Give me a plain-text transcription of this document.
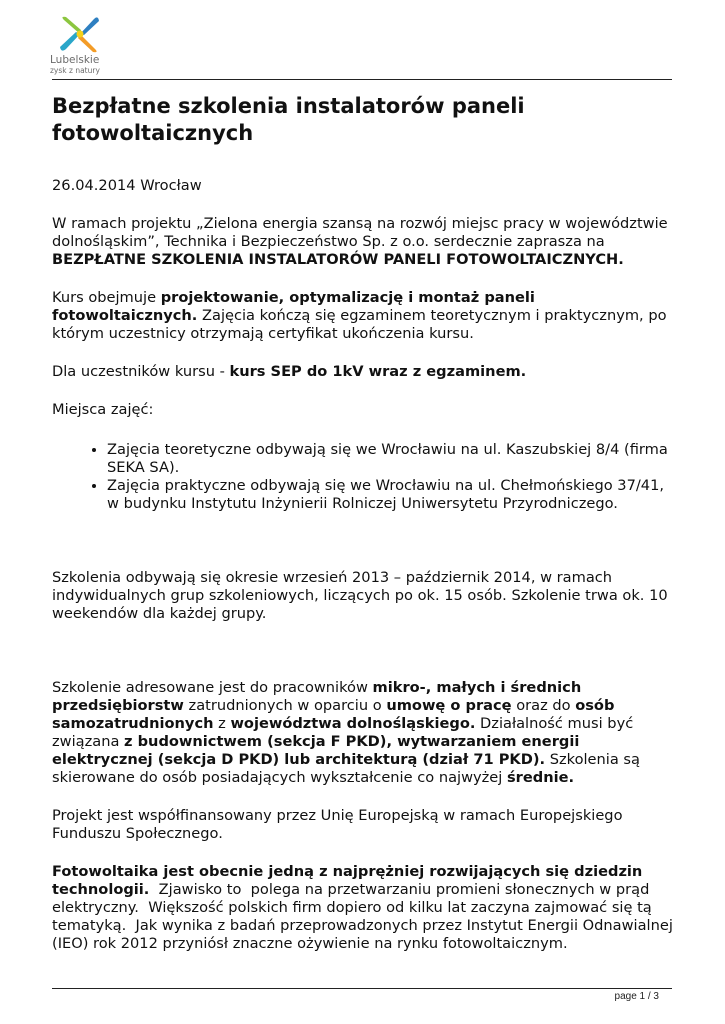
Lubelskie
zysk z natury
Bezpłatne szkolenia instalatorów paneli fotowoltaicznych

26.04.2014 Wrocław

W ramach projektu „Zielona energia szansą na rozwój miejsc pracy w województwie dolnośląskim”, Technika i Bezpieczeństwo Sp. z o.o. serdecznie zaprasza na BEZPŁATNE SZKOLENIA INSTALATORÓW PANELI FOTOWOLTAICZNYCH.

Kurs obejmuje projektowanie, optymalizację i montaż paneli fotowoltaicznych. Zajęcia kończą się egzaminem teoretycznym i praktycznym, po którym uczestnicy otrzymają certyfikat ukończenia kursu.

Dla uczestników kursu - kurs SEP do 1kV wraz z egzaminem.

Miejsca zajęć:

• Zajęcia teoretyczne odbywają się we Wrocławiu na ul. Kaszubskiej 8/4 (firma SEKA SA).
• Zajęcia praktyczne odbywają się we Wrocławiu na ul. Chełmońskiego 37/41, w budynku Instytutu Inżynierii Rolniczej Uniwersytetu Przyrodniczego.

Szkolenia odbywają się okresie wrzesień 2013 – październik 2014, w ramach indywidualnych grup szkoleniowych, liczących po ok. 15 osób. Szkolenie trwa ok. 10 weekendów dla każdej grupy.

Szkolenie adresowane jest do pracowników mikro-, małych i średnich przedsiębiorstw zatrudnionych w oparciu o umowę o pracę oraz do osób samozatrudnionych z województwa dolnośląskiego. Działalność musi być związana z budownictwem (sekcja F PKD), wytwarzaniem energii elektrycznej (sekcja D PKD) lub architekturą (dział 71 PKD). Szkolenia są skierowane do osób posiadających wykształcenie co najwyżej średnie.

Projekt jest współfinansowany przez Unię Europejską w ramach Europejskiego Funduszu Społecznego.

Fotowoltaika jest obecnie jedną z najprężniej rozwijających się dziedzin technologii.  Zjawisko to  polega na przetwarzaniu promieni słonecznych w prąd elektryczny.  Większość polskich firm dopiero od kilku lat zaczyna zajmować się tą tematyką.  Jak wynika z badań przeprowadzonych przez Instytut Energii Odnawialnej (IEO) rok 2012 przyniósł znaczne ożywienie na rynku fotowoltaicznym.

page 1 / 3
